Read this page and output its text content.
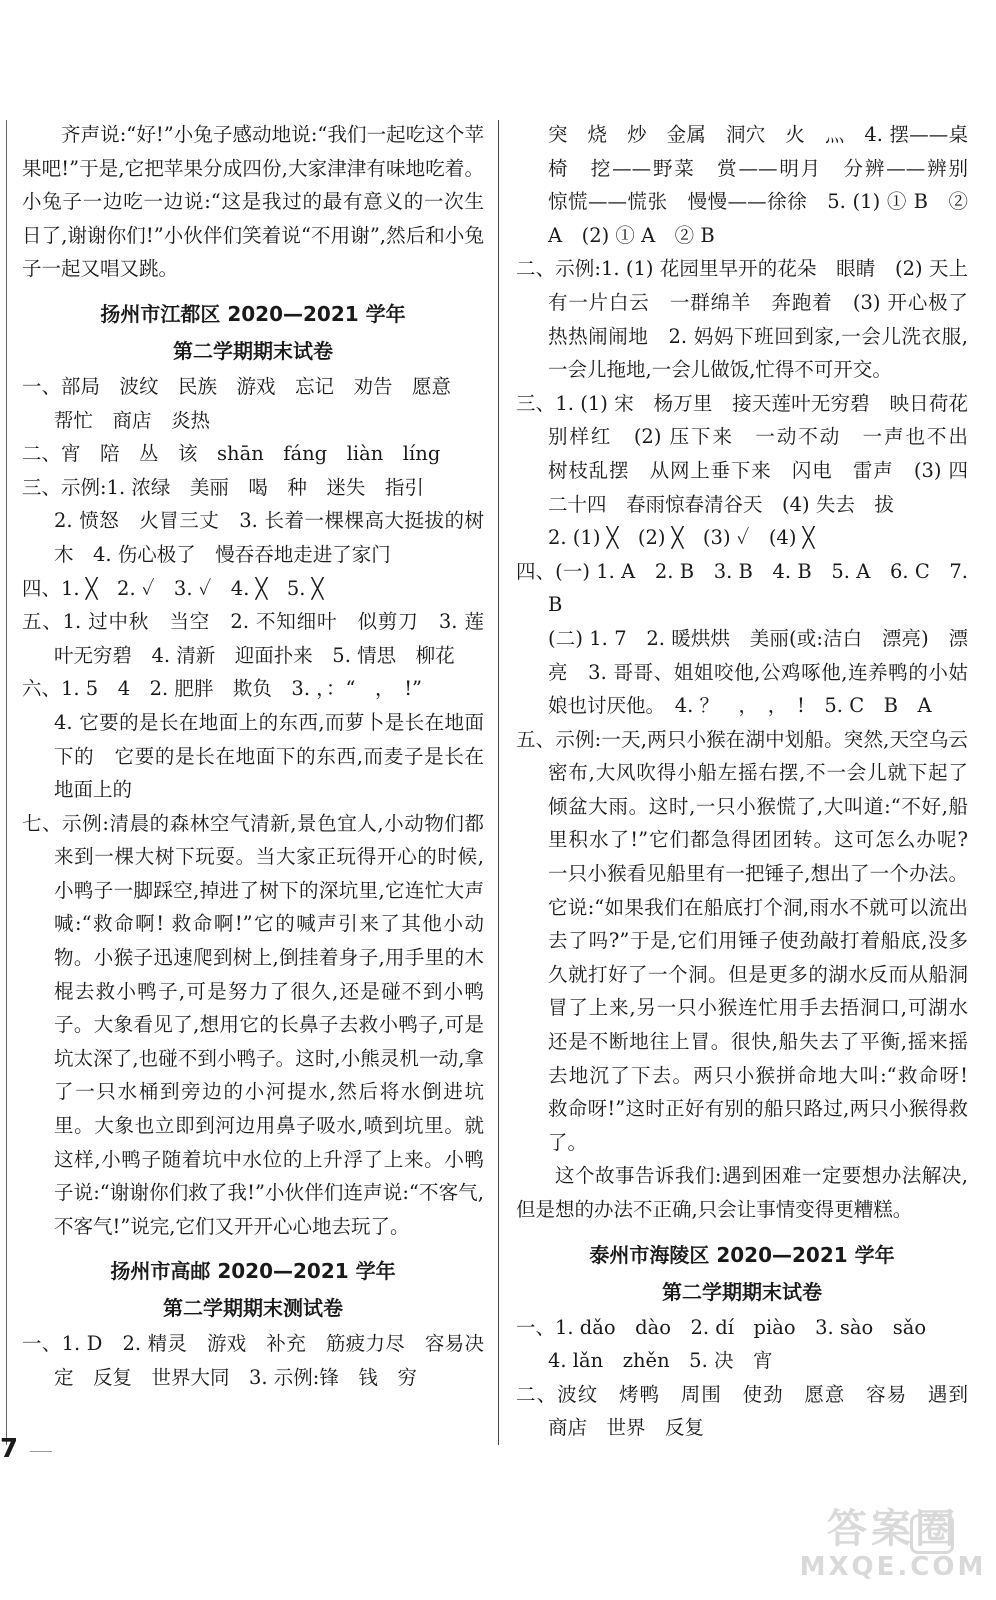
齐声说:“好!”小兔子感动地说:“我们一起吃这个苹果吧!”于是,它把苹果分成四份,大家津津有味地吃着。小兔子一边吃一边说:“这是我过的最有意义的一次生日了,谢谢你们!”小伙伴们笑着说“不用谢”,然后和小兔子一起又唱又跳。

扬州市江都区 2020—2021 学年

第二学期期末试卷

一、部局　波纹　民族　游戏　忘记　劝告　愿意

帮忙　商店　炎热

二、宵　陪　丛　该　shān　fáng　liàn　líng

三、示例:1. 浓绿　美丽　喝　种　迷失　指引

2. 愤怒　火冒三丈　3. 长着一棵棵高大挺拔的树木　4. 伤心极了　慢吞吞地走进了家门

四、1. ╳　2. ✓　3. ✓　4. ╳　5. ╳

五、1. 过中秋　当空　2. 不知细叶　似剪刀　3. 莲叶无穷碧　4. 清新　迎面扑来　5. 情思　柳花

六、1. 5　4　2. 肥胖　欺负　3. ，：“　，　!”

4. 它要的是长在地面上的东西,而萝卜是长在地面下的　它要的是长在地面下的东西,而麦子是长在地面上的

七、示例:清晨的森林空气清新,景色宜人,小动物们都来到一棵大树下玩耍。当大家正玩得开心的时候,小鸭子一脚踩空,掉进了树下的深坑里,它连忙大声喊:“救命啊! 救命啊!”它的喊声引来了其他小动物。小猴子迅速爬到树上,倒挂着身子,用手里的木棍去救小鸭子,可是努力了很久,还是碰不到小鸭子。大象看见了,想用它的长鼻子去救小鸭子,可是坑太深了,也碰不到小鸭子。这时,小熊灵机一动,拿了一只水桶到旁边的小河提水,然后将水倒进坑里。大象也立即到河边用鼻子吸水,喷到坑里。就这样,小鸭子随着坑中水位的上升浮了上来。小鸭子说:“谢谢你们救了我!”小伙伴们连声说:“不客气,不客气!”说完,它们又开开心心地去玩了。

扬州市高邮 2020—2021 学年

第二学期期末测试卷

一、1. D　2. 精灵　游戏　补充　筋疲力尽　容易决定　反复　世界大同　3. 示例:锋　钱　穷

突　烧　炒　金属　洞穴　火　灬　4. 摆——桌椅　挖——野菜　赏——明月　分辨——辨别　惊慌——慌张　慢慢——徐徐　5. (1) ① B　② A　(2) ① A　② B

二、示例:1. (1) 花园里早开的花朵　眼睛　(2) 天上有一片白云　一群绵羊　奔跑着　(3) 开心极了　热热闹闹地　2. 妈妈下班回到家,一会儿洗衣服,一会儿拖地,一会儿做饭,忙得不可开交。

三、1. (1) 宋　杨万里　接天莲叶无穷碧　映日荷花别样红　(2) 压下来　一动不动　一声也不出　树枝乱摆　从网上垂下来　闪电　雷声　(3) 四　二十四　春雨惊春清谷天　(4) 失去　拔

2. (1) ╳　(2) ╳　(3) ✓　(4) ╳

四、(一) 1. A　2. B　3. B　4. B　5. A　6. C　7. B

(二) 1. 7　2. 暖烘烘　美丽(或:洁白　漂亮)　漂亮　3. 哥哥、姐姐咬他,公鸡啄他,连养鸭的小姑娘也讨厌他。　4. ？　，　，　!　5. C　B　A

五、示例:一天,两只小猴在湖中划船。突然,天空乌云密布,大风吹得小船左摇右摆,不一会儿就下起了倾盆大雨。这时,一只小猴慌了,大叫道:“不好,船里积水了!”它们都急得团团转。这可怎么办呢? 一只小猴看见船里有一把锤子,想出了一个办法。它说:“如果我们在船底打个洞,雨水不就可以流出去了吗?”于是,它们用锤子使劲敲打着船底,没多久就打好了一个洞。但是更多的湖水反而从船洞冒了上来,另一只小猴连忙用手去捂洞口,可湖水还是不断地往上冒。很快,船失去了平衡,摇来摇去地沉了下去。两只小猴拼命地大叫:“救命呀! 救命呀!”这时正好有别的船只路过,两只小猴得救了。

这个故事告诉我们:遇到困难一定要想办法解决,但是想的办法不正确,只会让事情变得更糟糕。

泰州市海陵区 2020—2021 学年

第二学期期末试卷

一、1. dǎo　dào　2. dí　piào　3. sào　sǎo

4. lǎn　zhěn　5. 决　宵

二、波纹　烤鸭　周围　使劲　愿意　容易　遇到　商店　世界　反复

7
答案圈
MXQE.COM
